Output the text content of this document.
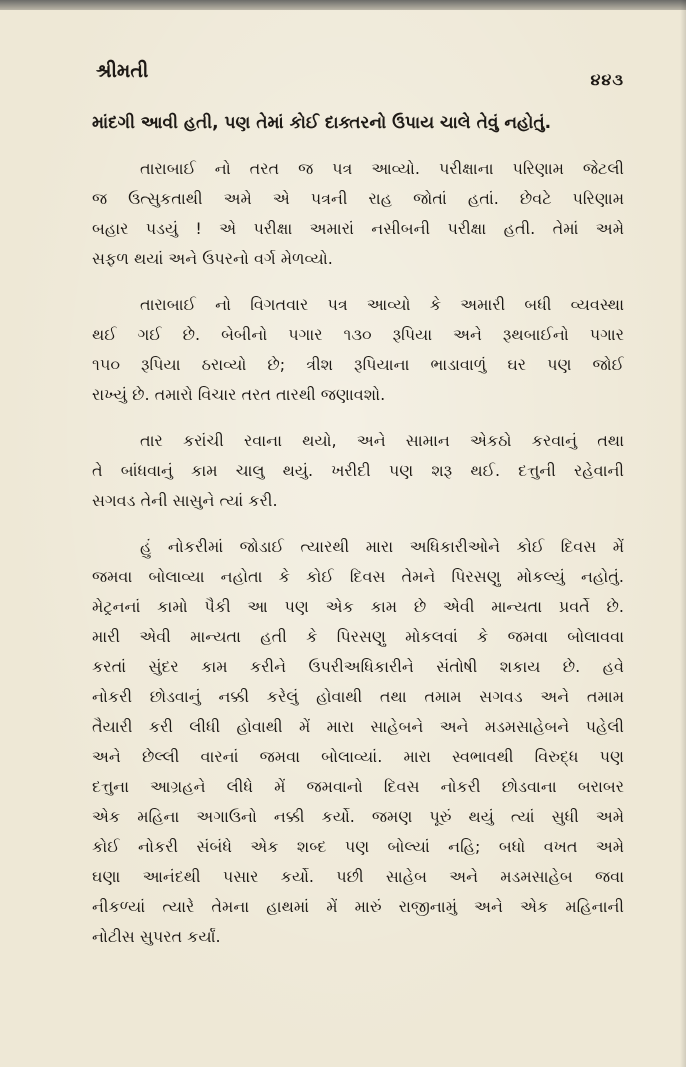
શ્રીમતી	૪૪૩
માંદગી આવી હતી, પણ તેમાં કોઈ દાક્તરનો ઉપાય ચાલે તેવું નહોતું.
તારાબાઈ નો તરત જ પત્ર આવ્યો. પરીક્ષાના પરિણામ જેટલી
જ ઉત્સુકતાથી અમે એ પત્રની રાહ જોતાં હતાં. છેવટે પરિણામ
બહાર પડયું ! એ પરીક્ષા અમારાં નસીબની પરીક્ષા હતી. તેમાં અમે
સફળ થયાં અને ઉપરનો વર્ગ મેળવ્યો.
તારાબાઈ નો વિગતવાર પત્ર આવ્યો કે અમારી બધી વ્યવસ્થા
થઈ ગઈ છે. બેબીનો પગાર ૧૩૦ રૂપિયા અને રૂથબાઈનો પગાર
૧૫૦ રૂપિયા ઠરાવ્યો છે; ત્રીશ રૂપિયાના ભાડાવાળું ઘર પણ જોઈ
રાખ્યું છે. તમારો વિચાર તરત તારથી જણાવશો.
તાર કરાંચી રવાના થયો, અને સામાન એકઠો કરવાનું તથા
તે બાંધવાનું કામ ચાલુ થયું. ખરીદી પણ શરૂ થઈ. દત્તુની રહેવાની
સગવડ તેની સાસુને ત્યાં કરી.
હું નોકરીમાં જોડાઈ ત્યારથી મારા અધિકારીઓને કોઈ દિવસ મેં
જમવા બોલાવ્યા નહોતા કે કોઈ દિવસ તેમને પિરસણુ મોકલ્યું નહોતું.
મેટ્રનનાં કામો પૈકી આ પણ એક કામ છે એવી માન્યતા પ્રવર્તે છે.
મારી એવી માન્યતા હતી કે પિરસણુ મોકલવાં કે જમવા બોલાવવા
કરતાં સુંદર કામ કરીને ઉપરીઅધિકારીને સંતોષી શકાય છે. હવે
નોકરી છોડવાનું નક્કી કરેલું હોવાથી તથા તમામ સગવડ અને તમામ
તૈયારી કરી લીધી હોવાથી મેં મારા સાહેબને અને મડમસાહેબને પહેલી
અને છેલ્લી વારનાં જમવા બોલાવ્યાં. મારા સ્વભાવથી વિરુદ્ધ પણ
દત્તુના આગ્રહને લીધે મેં જમવાનો દિવસ નોકરી છોડવાના બરાબર
એક મહિના અગાઉનો નક્કી કર્યો. જમણ પૂરું થયું ત્યાં સુધી અમે
કોઈ નોકરી સંબંધે એક શબ્દ પણ બોલ્યાં નહિ; બધો વખત અમે
ઘણા આનંદથી પસાર કર્યો. પછી સાહેબ અને મડમસાહેબ જવા
નીકળ્યાં ત્યારે તેમના હાથમાં મેં મારું રાજીનામું અને એક મહિનાની
નોટીસ સુપરત કર્યાં.
